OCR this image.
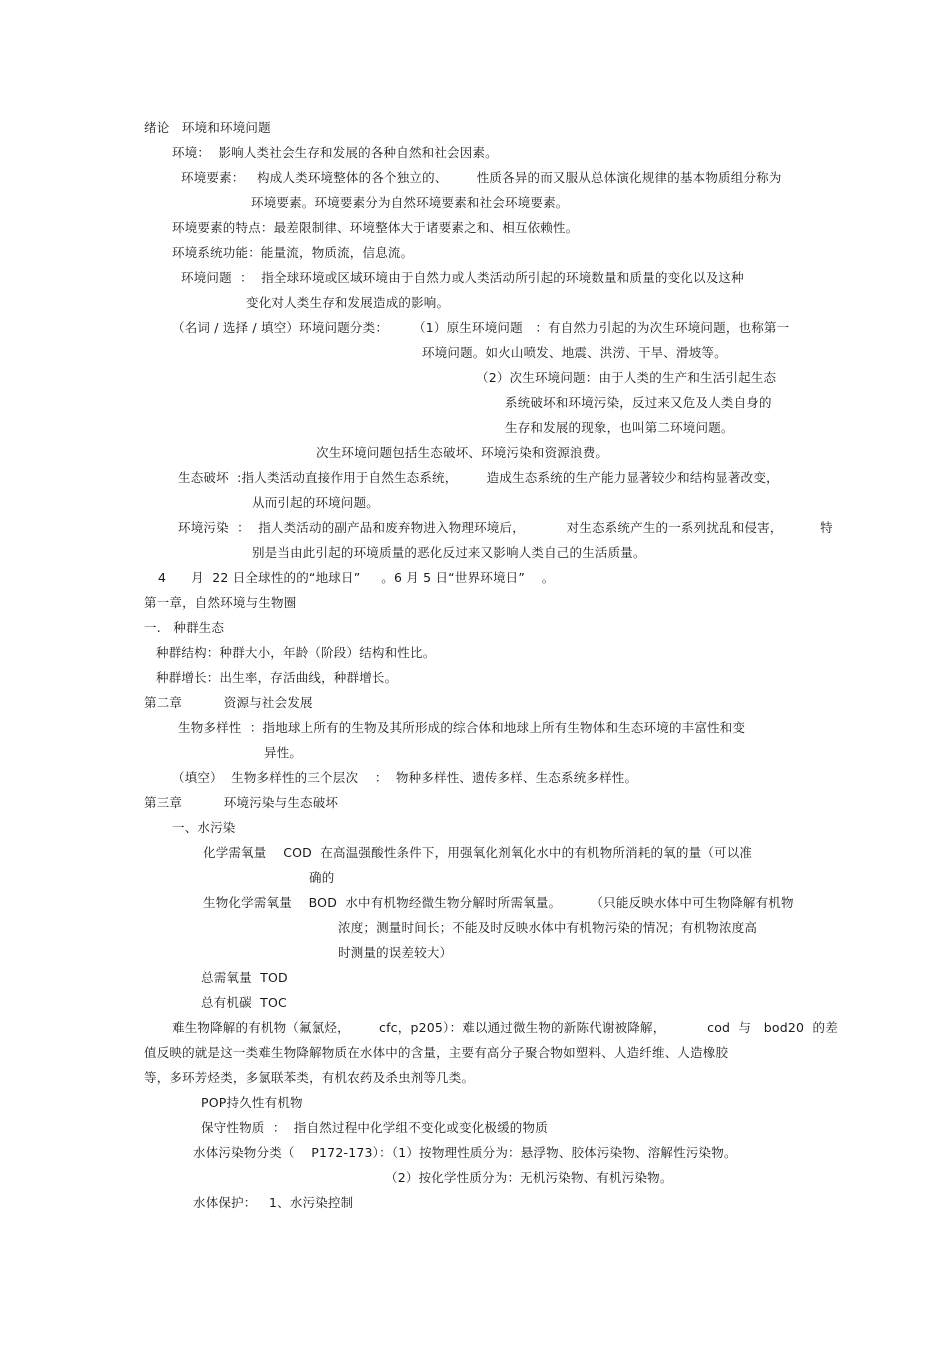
绪论   环境和环境问题
环境：  影响人类社会生存和发展的各种自然和社会因素。
环境要素：   构成人类环境整体的各个独立的、       性质各异的而又服从总体演化规律的基本物质组分称为
环境要素。环境要素分为自然环境要素和社会环境要素。
环境要素的特点：最差限制律、环境整体大于诸要素之和、相互依赖性。
环境系统功能：能量流，物质流，信息流。
环境问题  ：  指全球环境或区域环境由于自然力或人类活动所引起的环境数量和质量的变化以及这种
变化对人类生存和发展造成的影响。
（名词 / 选择 / 填空）环境问题分类：      （1）原生环境问题   ：有自然力引起的为次生环境问题，也称第一
环境问题。如火山喷发、地震、洪涝、干旱、滑坡等。
（2）次生环境问题：由于人类的生产和生活引起生态
系统破坏和环境污染，反过来又危及人类自身的
生存和发展的现象，也叫第二环境问题。
次生环境问题包括生态破坏、环境污染和资源浪费。
生态破坏  :指人类活动直接作用于自然生态系统，       造成生态系统的生产能力显著较少和结构显著改变，
从而引起的环境问题。
环境污染  ：  指人类活动的副产品和废弃物进入物理环境后，          对生态系统产生的一系列扰乱和侵害，         特
别是当由此引起的环境质量的恶化反过来又影响人类自己的生活质量。
4      月  22 日全球性的的“地球日”     。6 月 5 日“世界环境日”    。
第一章，自然环境与生物圈
一.   种群生态
种群结构：种群大小，年龄（阶段）结构和性比。
种群增长：出生率，存活曲线，种群增长。
第二章          资源与社会发展
生物多样性  ：指地球上所有的生物及其所形成的综合体和地球上所有生物体和生态环境的丰富性和变
异性。
（填空）  生物多样性的三个层次    ：  物种多样性、遗传多样、生态系统多样性。
第三章          环境污染与生态破坏
一、水污染
化学需氧量    COD  在高温强酸性条件下，用强氧化剂氧化水中的有机物所消耗的氧的量（可以准
确的
生物化学需氧量    BOD  水中有机物经微生物分解时所需氧量。       （只能反映水体中可生物降解有机物
浓度；测量时间长；不能及时反映水体中有机物污染的情况；有机物浓度高
时测量的误差较大）
总需氧量  TOD
总有机碳  TOC
难生物降解的有机物（氟氯烃，       cfc，p205）：难以通过微生物的新陈代谢被降解，          cod  与   bod20  的差
值反映的就是这一类难生物降解物质在水体中的含量，主要有高分子聚合物如塑料、人造纤维、人造橡胶
等，多环芳烃类，多氯联苯类，有机农药及杀虫剂等几类。
POP持久性有机物
保守性物质  ：  指自然过程中化学组不变化或变化极缓的物质
水体污染物分类（    P172-173）：（1）按物理性质分为：悬浮物、胶体污染物、溶解性污染物。
（2）按化学性质分为：无机污染物、有机污染物。
水体保护：   1、水污染控制
